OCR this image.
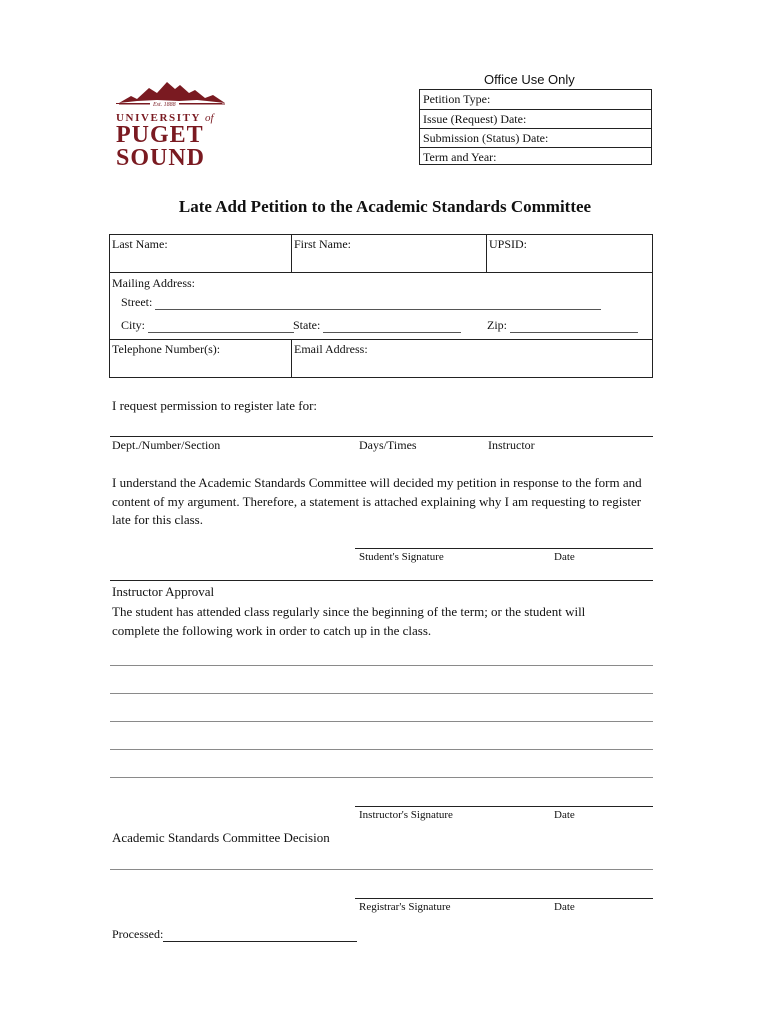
Est. 1888
UNIVERSITY of
PUGET
SOUND
Office Use Only
Petition Type:
Issue (Request) Date:
Submission (Status) Date:
Term and Year:
Late Add Petition to the Academic Standards Committee
Last Name:	First Name:	UPSID:
Mailing Address:
Street:
City:	State:	Zip:
Telephone Number(s):	Email Address:
I request permission to register late for:
Dept./Number/Section	Days/Times	Instructor
I understand the Academic Standards Committee will decided my petition in response to the form and content of my argument. Therefore, a statement is attached explaining why I am requesting to register late for this class.
Student's Signature	Date
Instructor Approval
The student has attended class regularly since the beginning of the term; or the student will complete the following work in order to catch up in the class.
Instructor's Signature	Date
Academic Standards Committee Decision
Registrar's Signature	Date
Processed:
